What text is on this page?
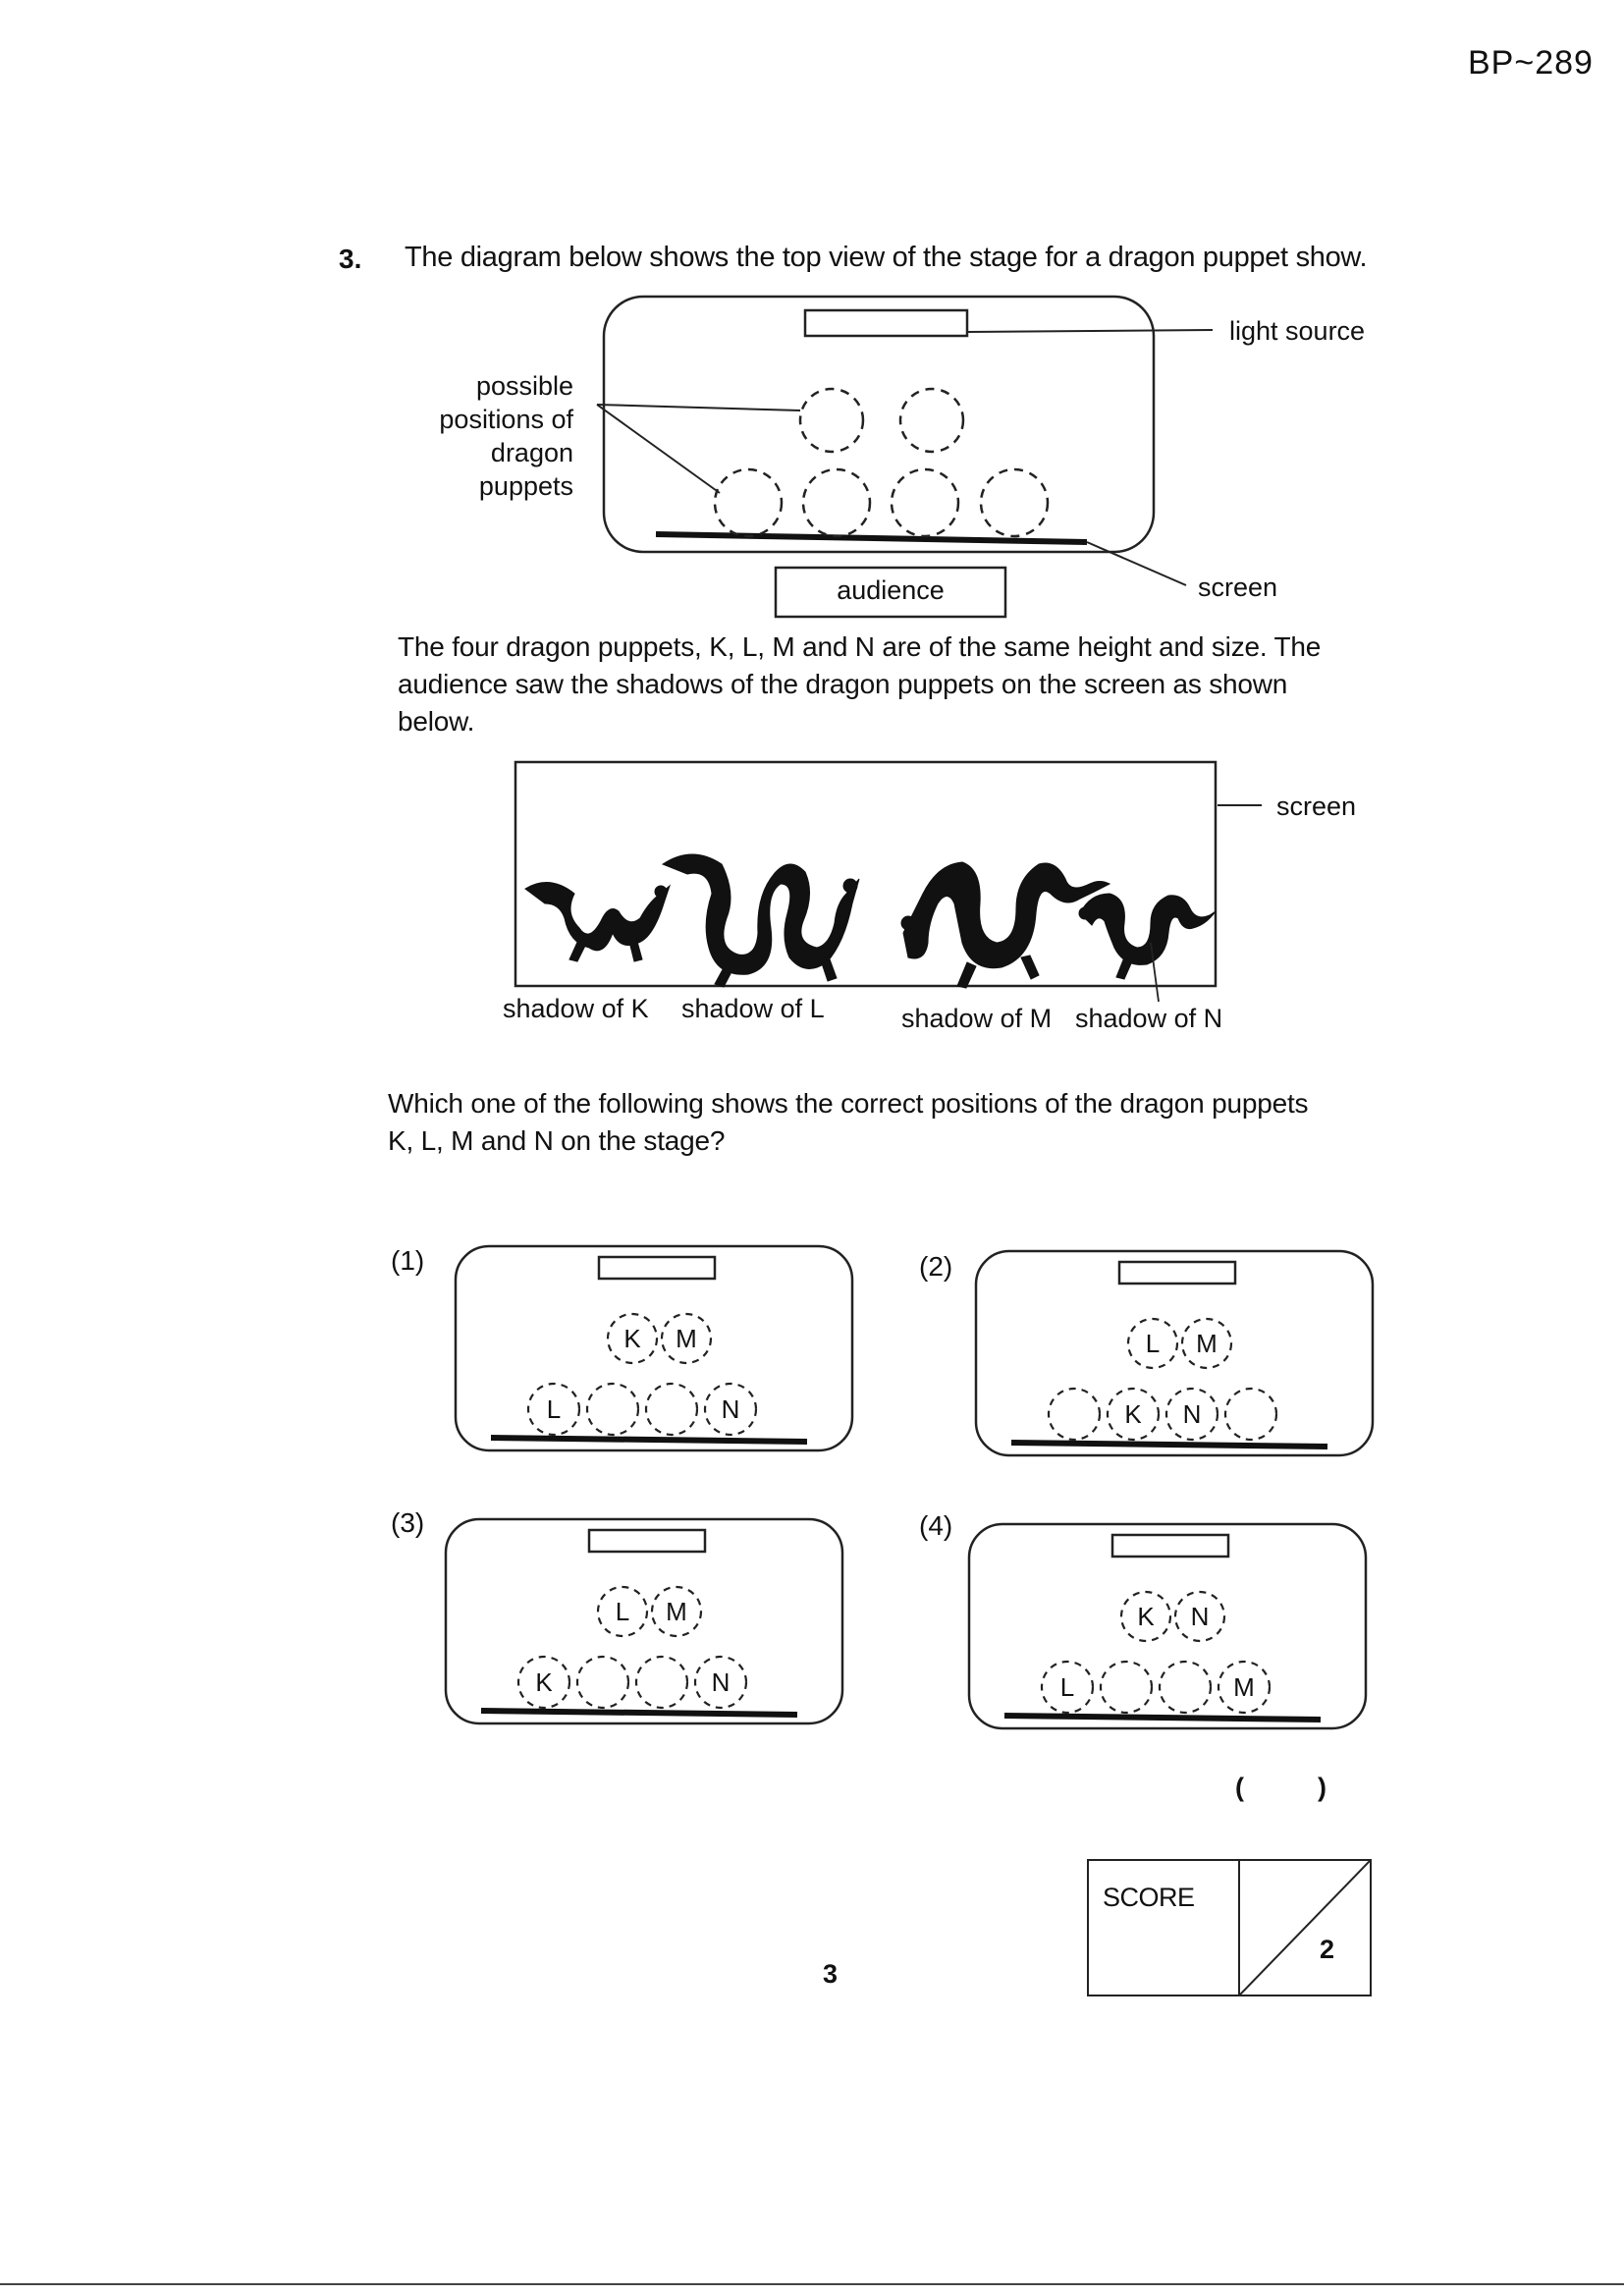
BP~289
3. The diagram below shows the top view of the stage for a dragon puppet show.
light source
possible
positions of
dragon
puppets
audience	screen
The four dragon puppets, K, L, M and N are of the same height and size. The
audience saw the shadows of the dragon puppets on the screen as shown
below.
screen
shadow of K shadow of L	shadow of M shadow of N
Which one of the following shows the correct positions of the dragon puppets
K, L, M and N on the stage?
(1)
K M
L	N
(2)
L M
K N
(3)
L M
K	N
(4)
K N
L	M
(          )
SCORE
2
3
